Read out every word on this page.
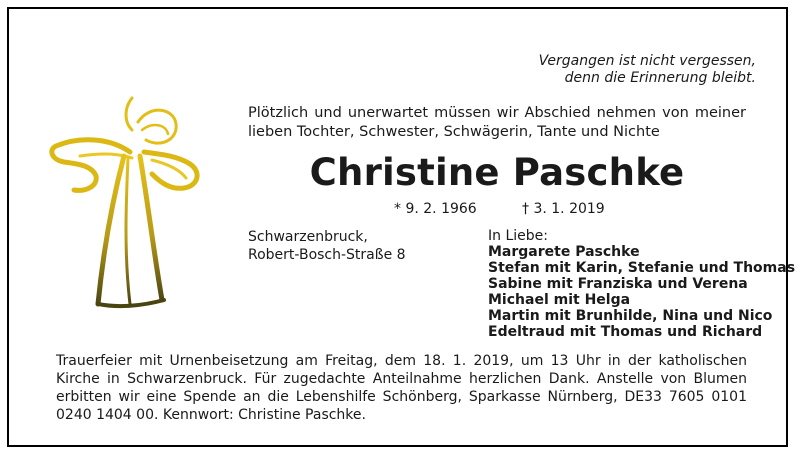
Vergangen ist nicht vergessen,
denn die Erinnerung bleibt.
Plötzlich und unerwartet müssen wir Abschied nehmen von meiner lieben Tochter, Schwester, Schwägerin, Tante und Nichte
Christine Paschke
* 9. 2. 1966	† 3. 1. 2019
Schwarzenbruck,
Robert-Bosch-Straße 8
In Liebe:
Margarete Paschke
Stefan mit Karin, Stefanie und Thomas
Sabine mit Franziska und Verena
Michael mit Helga
Martin mit Brunhilde, Nina und Nico
Edeltraud mit Thomas und Richard
Trauerfeier mit Urnenbeisetzung am Freitag, dem 18. 1. 2019, um 13 Uhr in der katholischen Kirche in Schwarzenbruck. Für zugedachte Anteilnahme herzlichen Dank. Anstelle von Blumen erbitten wir eine Spende an die Lebenshilfe Schönberg, Sparkasse Nürnberg, DE33 7605 0101 0240 1404 00. Kennwort: Christine Paschke.
